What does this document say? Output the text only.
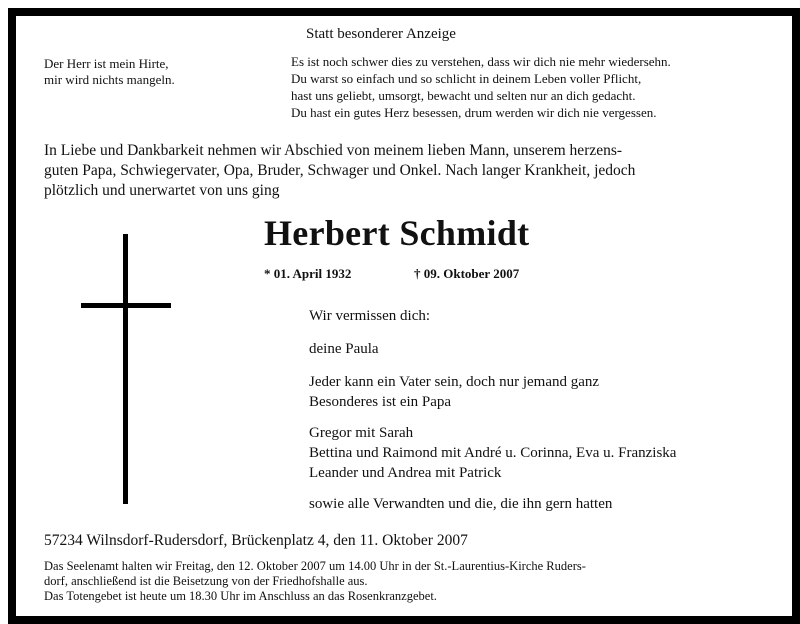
Statt besonderer Anzeige
Der Herr ist mein Hirte,
mir wird nichts mangeln.
Es ist noch schwer dies zu verstehen, dass wir dich nie mehr wiedersehn.
Du warst so einfach und so schlicht in deinem Leben voller Pflicht,
hast uns geliebt, umsorgt, bewacht und selten nur an dich gedacht.
Du hast ein gutes Herz besessen, drum werden wir dich nie vergessen.
In Liebe und Dankbarkeit nehmen wir Abschied von meinem lieben Mann, unserem herzens-
guten Papa, Schwiegervater, Opa, Bruder, Schwager und Onkel. Nach langer Krankheit, jedoch
plötzlich und unerwartet von uns ging
Herbert Schmidt
* 01. April 1932	† 09. Oktober 2007
Wir vermissen dich:
deine Paula
Jeder kann ein Vater sein, doch nur jemand ganz
Besonderes ist ein Papa
Gregor mit Sarah
Bettina und Raimond mit André u. Corinna, Eva u. Franziska
Leander und Andrea mit Patrick
sowie alle Verwandten und die, die ihn gern hatten
57234 Wilnsdorf-Rudersdorf, Brückenplatz 4, den 11. Oktober 2007
Das Seelenamt halten wir Freitag, den 12. Oktober 2007 um 14.00 Uhr in der St.-Laurentius-Kirche Ruders-
dorf, anschließend ist die Beisetzung von der Friedhofshalle aus.
Das Totengebet ist heute um 18.30 Uhr im Anschluss an das Rosenkranzgebet.
